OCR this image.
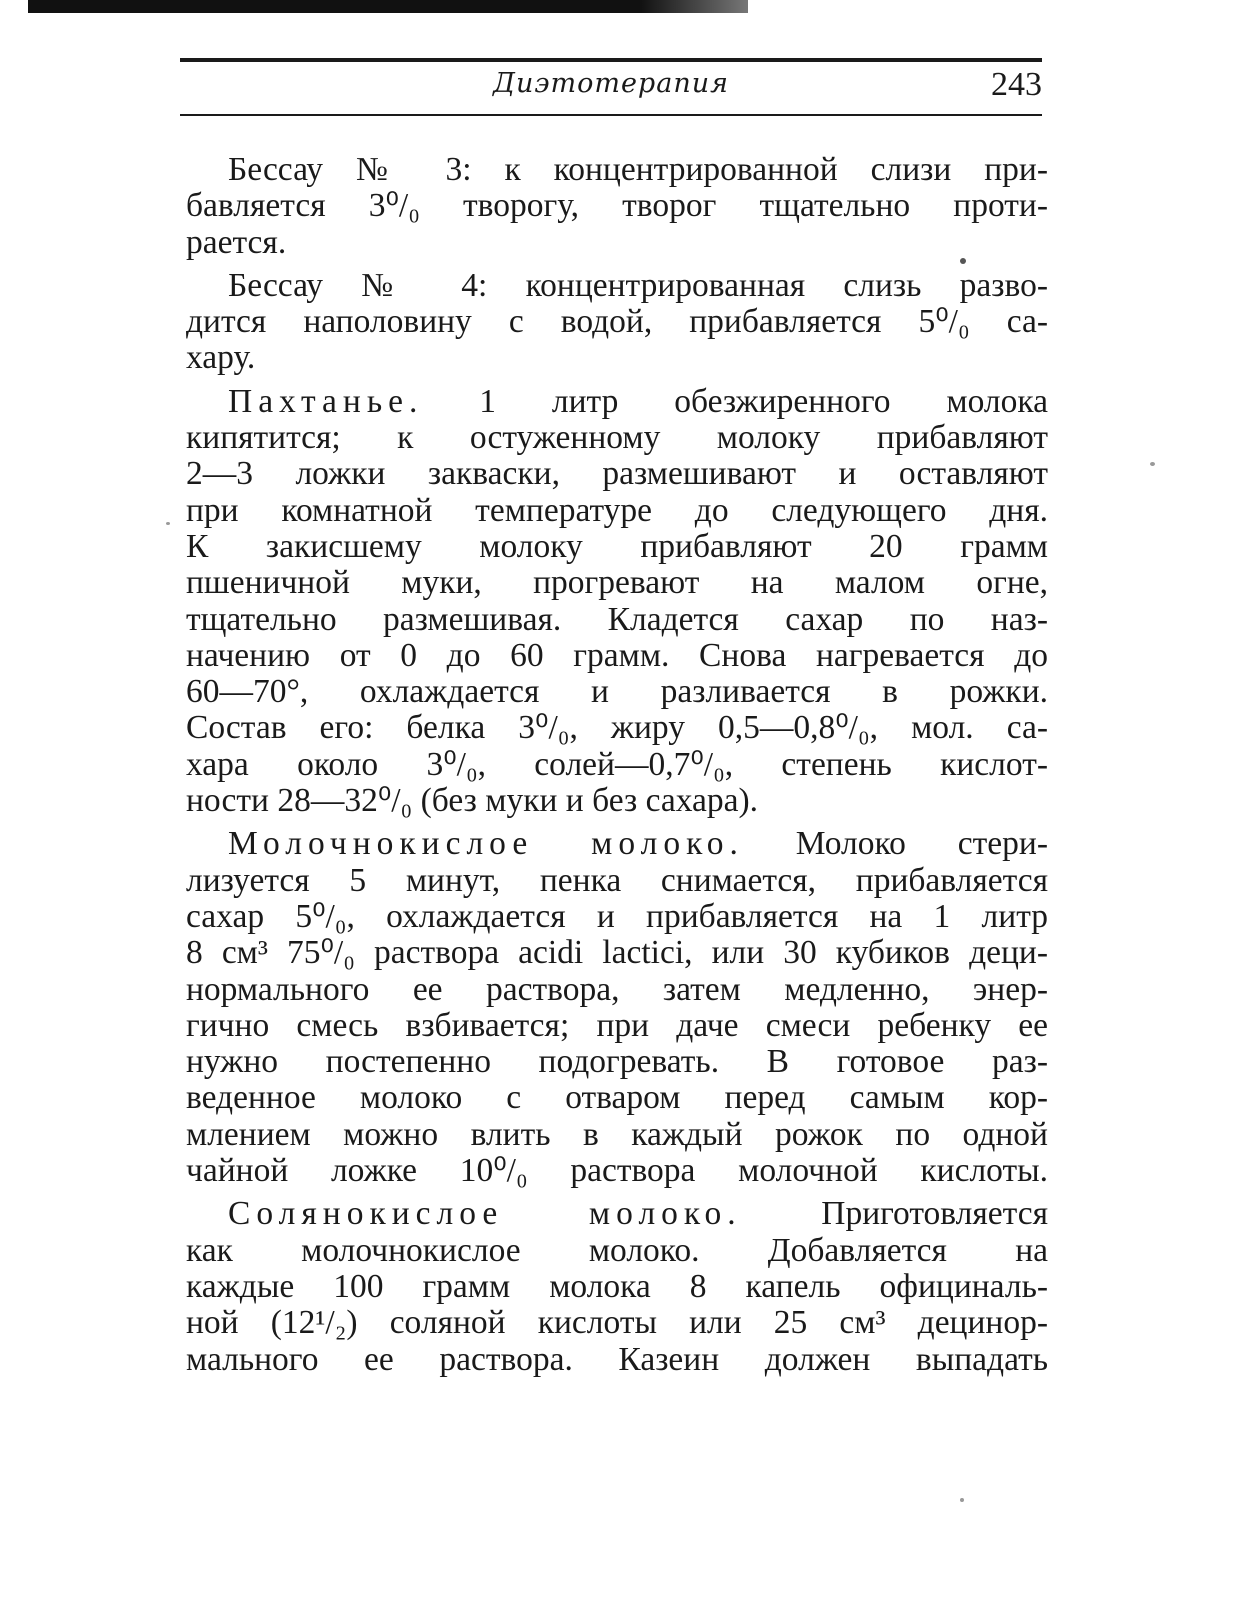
Диэтотерапия	243
Бессау № 3: к концентрированной слизи при-
бавляется 3⁰/₀ творогу, творог тщательно проти-
рается.
Бессау № 4: концентрированная слизь разво-
дится наполовину с водой, прибавляется 5⁰/₀ са-
хару.
Пахтанье. 1 литр обезжиренного молока
кипятится; к остуженному молоку прибавляют
2—3 ложки закваски, размешивают и оставляют
при комнатной температуре до следующего дня.
К закисшему молоку прибавляют 20 грамм
пшеничной муки, прогревают на малом огне,
тщательно размешивая. Кладется сахар по наз-
начению от 0 до 60 грамм. Снова нагревается до
60—70°, охлаждается и разливается в рожки.
Состав его: белка 3⁰/₀, жиру 0,5—0,8⁰/₀, мол. са-
хара около 3⁰/₀, солей—0,7⁰/₀, степень кислот-
ности 28—32⁰/₀ (без муки и без сахара).
Молочнокислое молоко. Молоко стери-
лизуется 5 минут, пенка снимается, прибавляется
сахар 5⁰/₀, охлаждается и прибавляется на 1 литр
8 см³ 75⁰/₀ раствора acidi lactici, или 30 кубиков деци-
нормального ее раствора, затем медленно, энер-
гично смесь взбивается; при даче смеси ребенку ее
нужно постепенно подогревать. В готовое раз-
веденное молоко с отваром перед самым кор-
млением можно влить в каждый рожок по одной
чайной ложке 10⁰/₀ раствора молочной кислоты.
Солянокислое молоко. Приготовляется
как молочнокислое молоко. Добавляется на
каждые 100 грамм молока 8 капель официналь-
ной (12¹/₂) соляной кислоты или 25 см³ децинор-
мального ее раствора. Казеин должен выпадать
